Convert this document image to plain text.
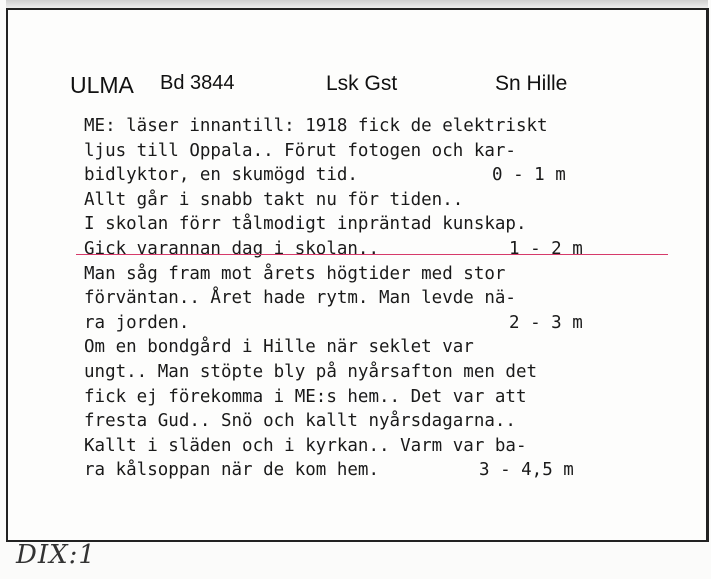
ULMA Bd 3844	Lsk Gst	Sn Hille
ME: läser innantill: 1918 fick de elektriskt
ljus till Oppala.. Förut fotogen och kar-
bidlyktor, en skumögd tid.	0 - 1 m
Allt går i snabb takt nu för tiden..
I skolan förr tålmodigt inpräntad kunskap.
Gick varannan dag i skolan..	1 - 2 m
Man såg fram mot årets högtider med stor
förväntan.. Året hade rytm. Man levde nä-
ra jorden.	2 - 3 m
Om en bondgård i Hille när seklet var
ungt.. Man stöpte bly på nyårsafton men det
fick ej förekomma i ME:s hem.. Det var att
fresta Gud.. Snö och kallt nyårsdagarna..
Kallt i släden och i kyrkan.. Varm var ba-
ra kålsoppan när de kom hem.	3 - 4,5 m
DIX:1
